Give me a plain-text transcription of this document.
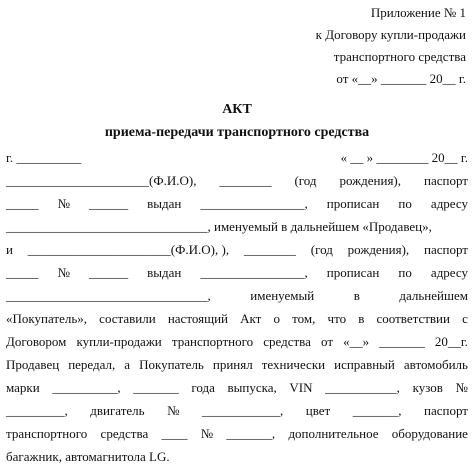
Приложение № 1
к Договору купли-продажи
транспортного средства
от «__» _______ 20__ г.
АКТ
приема-передачи транспортного средства
г. __________	« __ » ________ 20__ г.
______________________(Ф.И.О), ________ (год рождения), паспорт
_____ № ______ выдан ________________, прописан по адресу
_______________________________, именуемый в дальнейшем «Продавец»,
и ______________________(Ф.И.О), ), ________ (год рождения), паспорт
_____ № ______ выдан ________________, прописан по адресу
_______________________________,	именуемый	в	дальнейшем
«Покупатель», составили настоящий Акт о том, что в соответствии с
Договором купли-продажи транспортного средства от «__» _______ 20__г.
Продавец передал, а Покупатель принял технически исправный автомобиль
марки __________, _______ года выпуска, VIN ___________, кузов №
_________, двигатель № ____________, цвет _______, паспорт
транспортного средства ____ № _______, дополнительное оборудование
багажник, автомагнитола LG.
